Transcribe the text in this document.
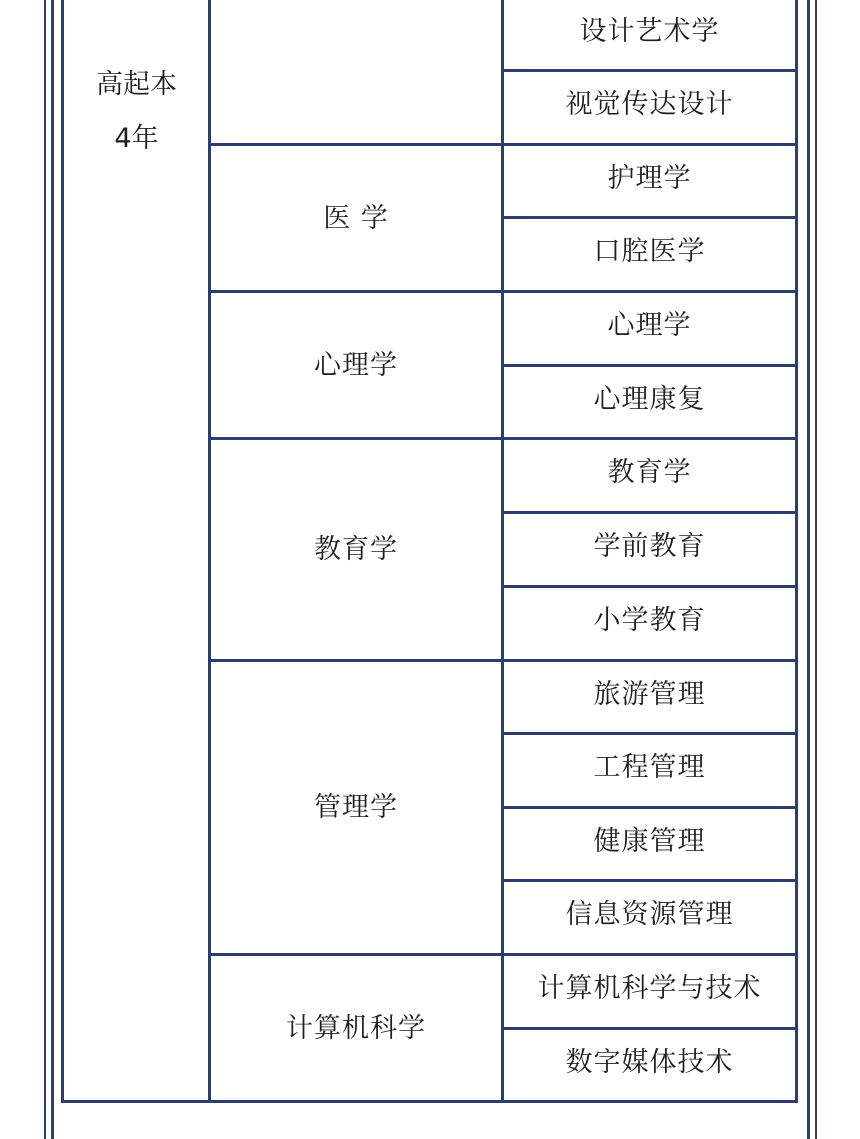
高起本
4年
医 学
心理学
教育学
管理学
计算机科学
设计艺术学
视觉传达设计
护理学
口腔医学
心理学
心理康复
教育学
学前教育
小学教育
旅游管理
工程管理
健康管理
信息资源管理
计算机科学与技术
数字媒体技术
